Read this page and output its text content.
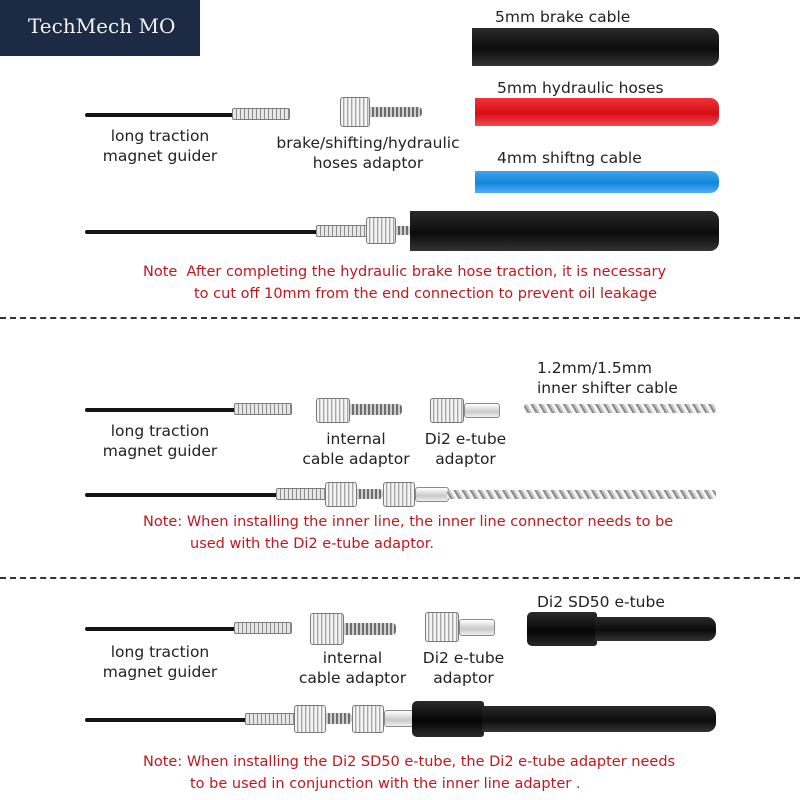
TechMech MO	5mm brake cable
5mm hydraulic hoses
4mm shiftng cable
long traction
magnet guider
brake/shifting/hydraulic
hoses adaptor
Note  After completing the hydraulic brake hose traction, it is necessary
to cut off 10mm from the end connection to prevent oil leakage
1.2mm/1.5mm
inner shifter cable
long traction
magnet guider
internal
cable adaptor
Di2 e-tube
adaptor
Note: When installing the inner line, the inner line connector needs to be
used with the Di2 e-tube adaptor.
Di2 SD50 e-tube
long traction
magnet guider
internal
cable adaptor
Di2 e-tube
adaptor
Note: When installing the Di2 SD50 e-tube, the Di2 e-tube adapter needs
to be used in conjunction with the inner line adapter .
